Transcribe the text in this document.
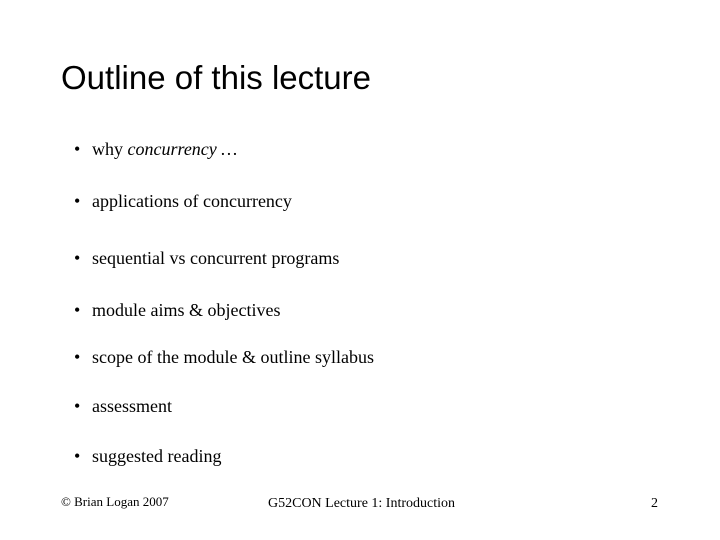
Outline of this lecture
• why concurrency …
• applications of concurrency
• sequential vs concurrent programs
• module aims & objectives
• scope of the module & outline syllabus
• assessment
• suggested reading
© Brian Logan 2007	G52CON Lecture 1: Introduction	2
